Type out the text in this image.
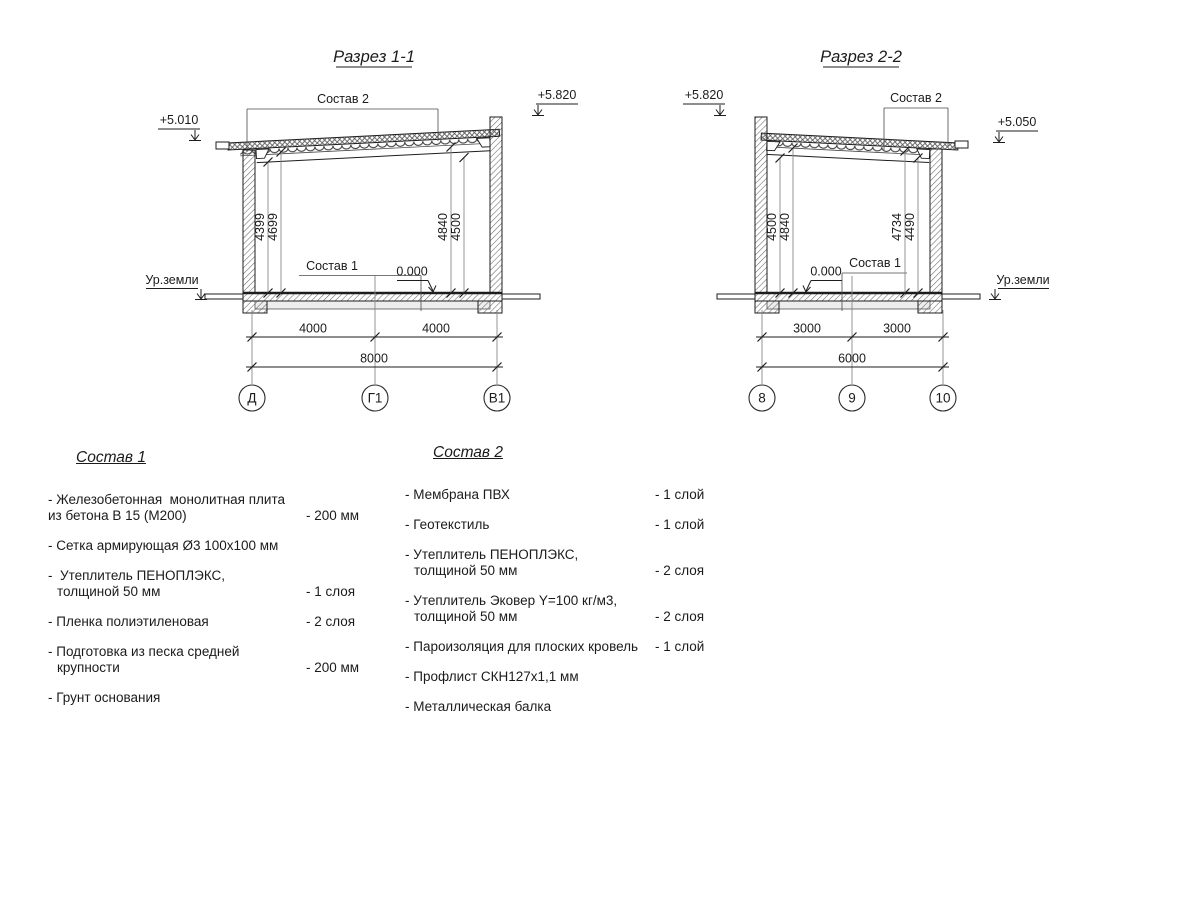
Разрез 1-1
+5.010
+5.820
Состав 2
Состав 1	0.000
Ур.земли
4399 4699	4840 4500
4000	4000
8000
Д	Г1	В1
Разрез 2-2
+5.820
+5.050
Состав 2
Состав 1
0.000
Ур.земли
4500 4840	4734 4490
3000	3000
6000
8	9	10
Состав 1
- Железобетонная  монолитная плита
из бетона В 15 (М200)	- 200 мм
- Сетка армирующая Ø3 100х100 мм
-  Утеплитель ПЕНОПЛЭКС,
толщиной 50 мм	- 1 слоя
- Пленка полиэтиленовая	- 2 слоя
- Подготовка из песка средней
крупности	- 200 мм
- Грунт основания
Состав 2
- Мембрана ПВХ	- 1 слой
- Геотекстиль	- 1 слой
- Утеплитель ПЕНОПЛЭКС,
толщиной 50 мм	- 2 слоя
- Утеплитель Эковер Y=100 кг/м3,
толщиной 50 мм	- 2 слоя
- Пароизоляция для плоских кровель	- 1 слой
- Профлист СКН127х1,1 мм
- Металлическая балка
